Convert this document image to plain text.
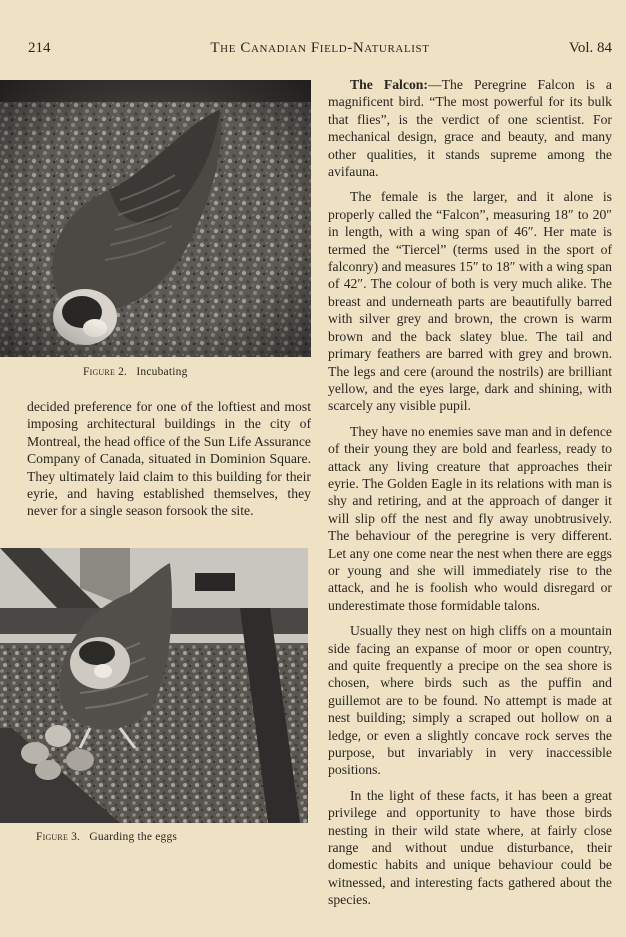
214	The Canadian Field-Naturalist	Vol. 84
Figure 2. Incubating

decided preference for one of the loftiest and most imposing architectural buildings in the city of Montreal, the head office of the Sun Life Assurance Company of Canada, situated in Dominion Square. They ultimately laid claim to this building for their eyrie, and having established themselves, they never for a single season forsook the site.

Figure 3. Guarding the eggs

The Falcon:—The Peregrine Falcon is a magnificent bird. “The most powerful for its bulk that flies”, is the verdict of one scientist. For mechanical design, grace and beauty, and many other qualities, it stands supreme among the avifauna.

The female is the larger, and it alone is properly called the “Falcon”, measuring 18″ to 20″ in length, with a wing span of 46″. Her mate is termed the “Tiercel” (terms used in the sport of falconry) and measures 15″ to 18″ with a wing span of 42″. The colour of both is very much alike. The breast and underneath parts are beautifully barred with silver grey and brown, the crown is warm brown and the back slatey blue. The tail and primary feathers are barred with grey and brown. The legs and cere (around the nostrils) are brilliant yellow, and the eyes large, dark and shining, with scarcely any visible pupil.

They have no enemies save man and in defence of their young they are bold and fearless, ready to attack any living creature that approaches their eyrie. The Golden Eagle in its relations with man is shy and retiring, and at the approach of danger it will slip off the nest and fly away unobtrusively. The behaviour of the peregrine is very different. Let any one come near the nest when there are eggs or young and she will immediately rise to the attack, and he is foolish who would disregard or underestimate those formidable talons.

Usually they nest on high cliffs on a mountain side facing an expanse of moor or open country, and quite frequently a precipe on the sea shore is chosen, where birds such as the puffin and guillemot are to be found. No attempt is made at nest building; simply a scraped out hollow on a ledge, or even a slightly concave rock serves the purpose, but invariably in very inaccessible positions.

In the light of these facts, it has been a great privilege and opportunity to have those birds nesting in their wild state where, at fairly close range and without undue disturbance, their domestic habits and unique behaviour could be witnessed, and interesting facts gathered about the species.
